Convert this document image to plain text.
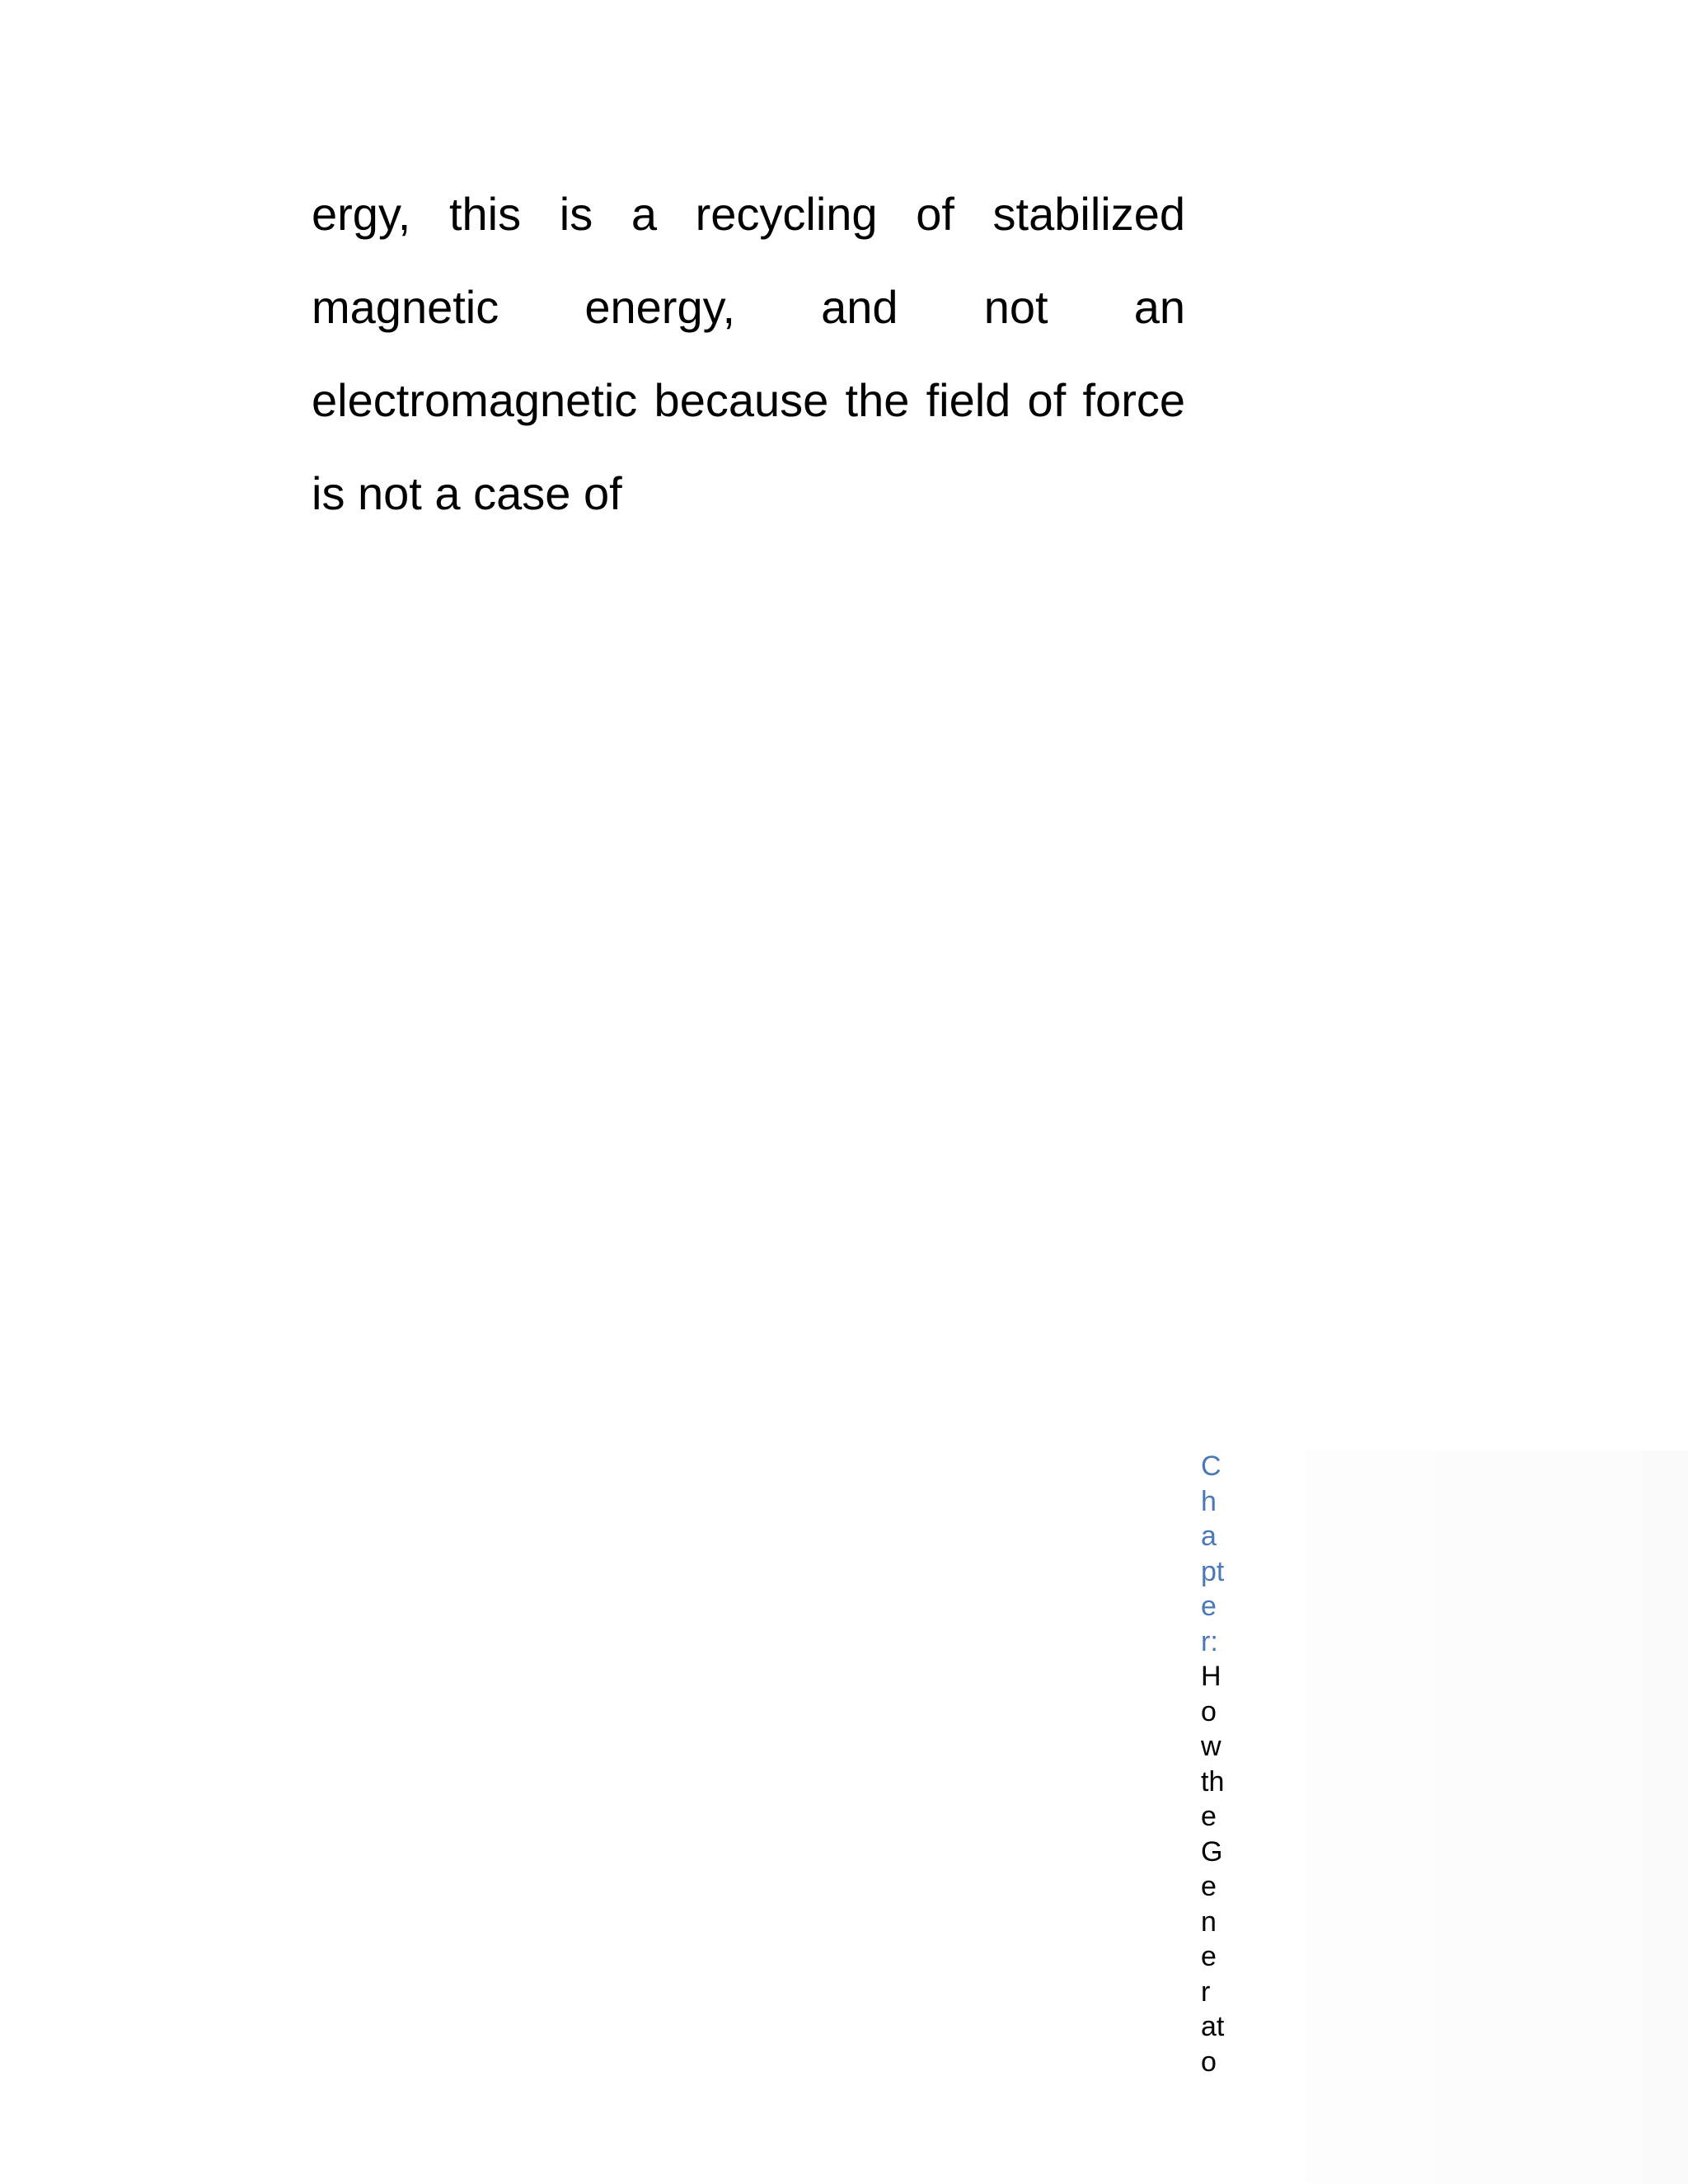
ergy, this is a recycling of stabilized
magnetic energy, and not an
electromagnetic because the field of force
is not a case of
C
h
a
pt
e
r:
H
o
w
th
e
G
e
n
e
r
at
o
